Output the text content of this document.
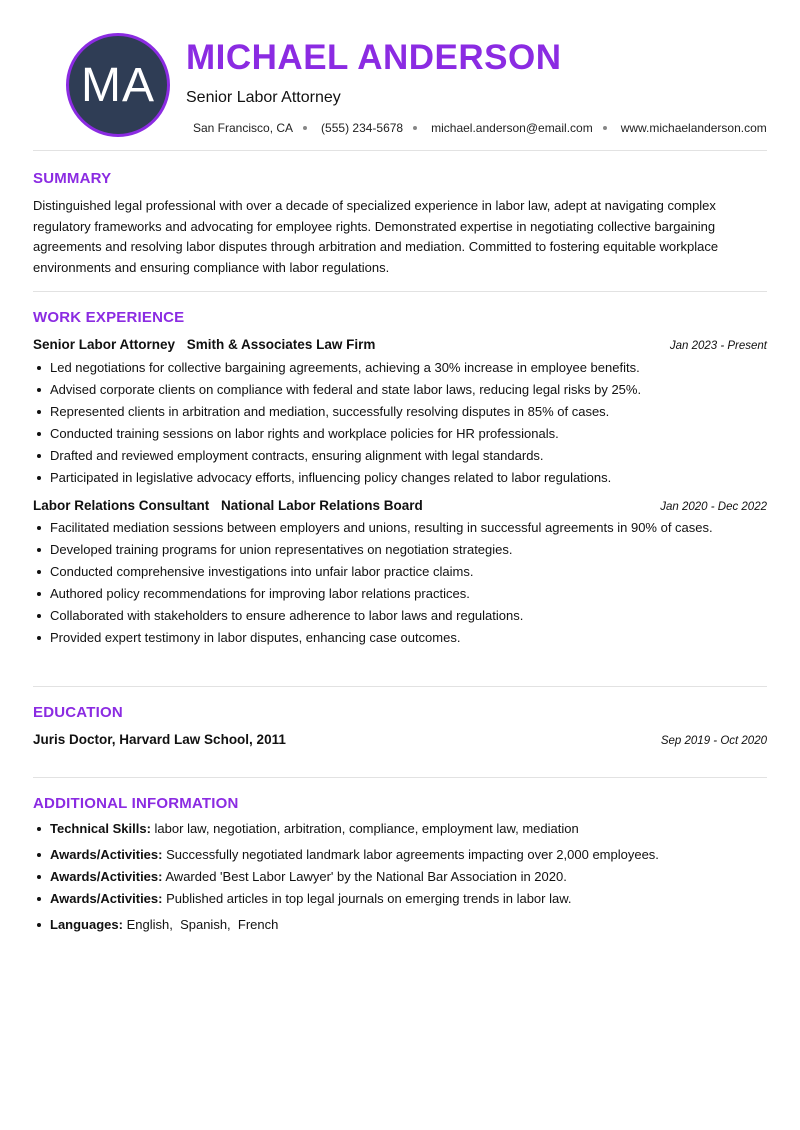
MA
MICHAEL ANDERSON
Senior Labor Attorney
San Francisco, CA (555) 234-5678 michael.anderson@email.com www.michaelanderson.com
SUMMARY

Distinguished legal professional with over a decade of specialized experience in labor law, adept at navigating complex regulatory frameworks and advocating for employee rights. Demonstrated expertise in negotiating collective bargaining agreements and resolving labor disputes through arbitration and mediation. Committed to fostering equitable workplace environments and ensuring compliance with labor regulations.

WORK EXPERIENCE
Senior Labor Attorney Smith & Associates Law Firm	Jan 2023 - Present
Led negotiations for collective bargaining agreements, achieving a 30% increase in employee benefits.
Advised corporate clients on compliance with federal and state labor laws, reducing legal risks by 25%.
Represented clients in arbitration and mediation, successfully resolving disputes in 85% of cases.
Conducted training sessions on labor rights and workplace policies for HR professionals.
Drafted and reviewed employment contracts, ensuring alignment with legal standards.
Participated in legislative advocacy efforts, influencing policy changes related to labor regulations.
Labor Relations Consultant National Labor Relations Board	Jan 2020 - Dec 2022
Facilitated mediation sessions between employers and unions, resulting in successful agreements in 90% of cases.
Developed training programs for union representatives on negotiation strategies.
Conducted comprehensive investigations into unfair labor practice claims.
Authored policy recommendations for improving labor relations practices.
Collaborated with stakeholders to ensure adherence to labor laws and regulations.
Provided expert testimony in labor disputes, enhancing case outcomes.
EDUCATION
Juris Doctor, Harvard Law School, 2011	Sep 2019 - Oct 2020
ADDITIONAL INFORMATION
Technical Skills: labor law, negotiation, arbitration, compliance, employment law, mediation
Awards/Activities: Successfully negotiated landmark labor agreements impacting over 2,000 employees.
Awards/Activities: Awarded 'Best Labor Lawyer' by the National Bar Association in 2020.
Awards/Activities: Published articles in top legal journals on emerging trends in labor law.
Languages: English,  Spanish,  French
